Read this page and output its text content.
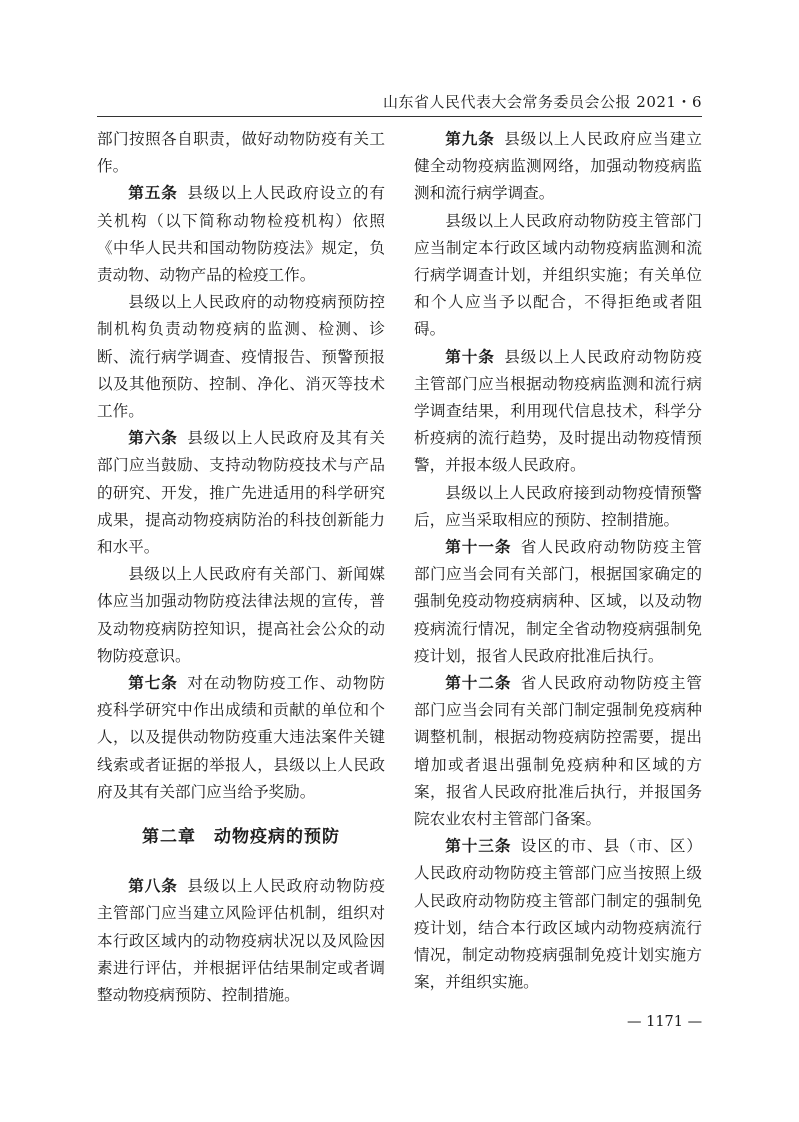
山东省人民代表大会常务委员会公报 2021・6

部门按照各自职责，做好动物防疫有关工作。

第五条 县级以上人民政府设立的有关机构（以下简称动物检疫机构）依照《中华人民共和国动物防疫法》规定，负责动物、动物产品的检疫工作。

县级以上人民政府的动物疫病预防控制机构负责动物疫病的监测、检测、诊断、流行病学调查、疫情报告、预警预报以及其他预防、控制、净化、消灭等技术工作。

第六条 县级以上人民政府及其有关部门应当鼓励、支持动物防疫技术与产品的研究、开发，推广先进适用的科学研究成果，提高动物疫病防治的科技创新能力和水平。

县级以上人民政府有关部门、新闻媒体应当加强动物防疫法律法规的宣传，普及动物疫病防控知识，提高社会公众的动物防疫意识。

第七条 对在动物防疫工作、动物防疫科学研究中作出成绩和贡献的单位和个人，以及提供动物防疫重大违法案件关键线索或者证据的举报人，县级以上人民政府及其有关部门应当给予奖励。

第二章 动物疫病的预防

第八条 县级以上人民政府动物防疫主管部门应当建立风险评估机制，组织对本行政区域内的动物疫病状况以及风险因素进行评估，并根据评估结果制定或者调整动物疫病预防、控制措施。

第九条 县级以上人民政府应当建立健全动物疫病监测网络，加强动物疫病监测和流行病学调查。

县级以上人民政府动物防疫主管部门应当制定本行政区域内动物疫病监测和流行病学调查计划，并组织实施；有关单位和个人应当予以配合，不得拒绝或者阻碍。

第十条 县级以上人民政府动物防疫主管部门应当根据动物疫病监测和流行病学调查结果，利用现代信息技术，科学分析疫病的流行趋势，及时提出动物疫情预警，并报本级人民政府。

县级以上人民政府接到动物疫情预警后，应当采取相应的预防、控制措施。

第十一条 省人民政府动物防疫主管部门应当会同有关部门，根据国家确定的强制免疫动物疫病病种、区域，以及动物疫病流行情况，制定全省动物疫病强制免疫计划，报省人民政府批准后执行。

第十二条 省人民政府动物防疫主管部门应当会同有关部门制定强制免疫病种调整机制，根据动物疫病防控需要，提出增加或者退出强制免疫病种和区域的方案，报省人民政府批准后执行，并报国务院农业农村主管部门备案。

第十三条 设区的市、县（市、区）人民政府动物防疫主管部门应当按照上级人民政府动物防疫主管部门制定的强制免疫计划，结合本行政区域内动物疫病流行情况，制定动物疫病强制免疫计划实施方案，并组织实施。

— 1171 —
